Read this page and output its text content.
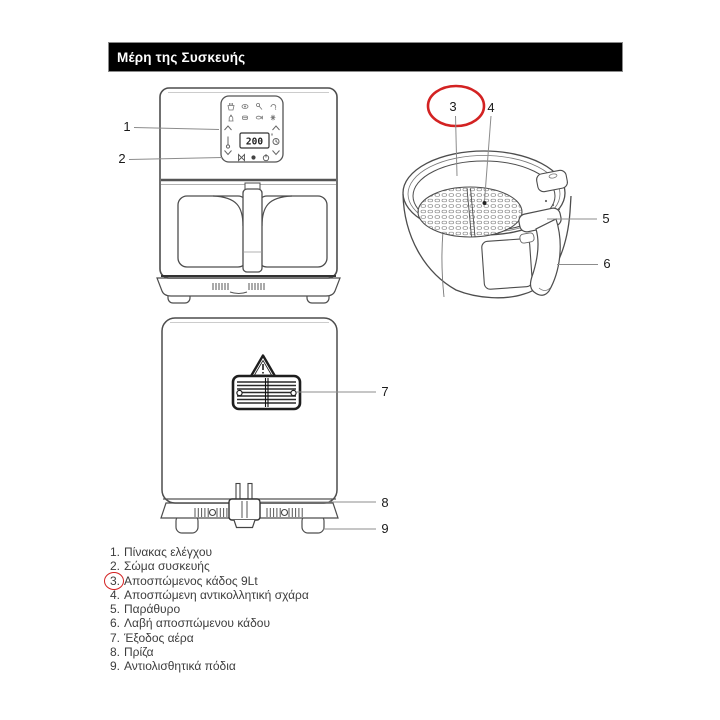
Μέρη της Συσκευής
200 °
1
2
3 4
5
6
7
8
9
1. Πίνακας ελέγχου
2. Σώμα συσκευής
3. Αποσπώμενος κάδος 9Lt
4. Αποσπώμενη αντικολλητική σχάρα
5. Παράθυρο
6. Λαβή αποσπώμενου κάδου
7. Έξοδος αέρα
8. Πρίζα
9. Αντιολισθητικά πόδια
